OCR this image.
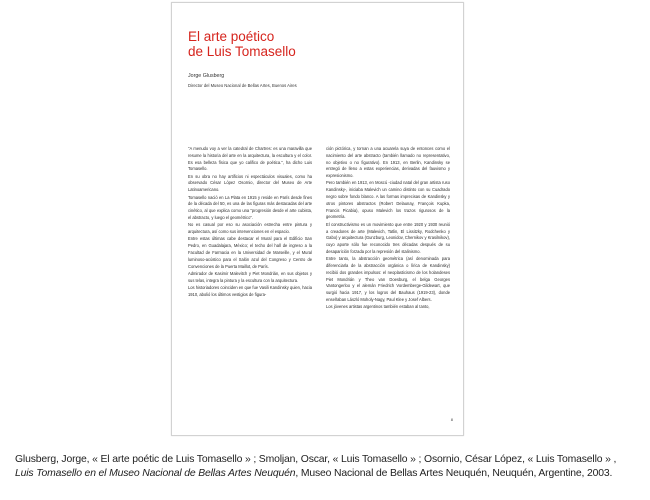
El arte poético
de Luis Tomasello
Jorge Glusberg
Director del Museo Nacional de Bellas Artes, Buenos Aires

"A menudo voy a ver la catedral de Chartres: es una maravilla que resume la historia del arte en la arquitectura, la escultura y el color. Es esa belleza física que yo califico de poética.", ha dicho Luis Tomasello.

En su obra no hay artificios ni espectáculos visuales, como ha observado César López Osornio, director del Museo de Arte Latinoamericano.

Tomasello nació en La Plata en 1915 y reside en París desde fines de la década del 50, es una de las figuras más destacadas del arte cinético, al que explica como una "progresión desde el arte cubista, el abstracto, y luego el geométrico".

No es casual por eso su asociación estrecha entre pintura y arquitectura, así como sus intervenciones en el espacio.

Entre estas últimas cabe destacar el Mural para el Edificio San Pedro, en Guadalajara, México; el techo del hall de ingreso a la Facultad de Farmacia en la Universidad de Marseille, y el Mural luminoso-acústico para el Salón azul del Congreso y Centro de Convenciones de la Puerta Maillot, de París.

Admirador de Kasimir Malevitch y Piet Mondrián, en sus objetos y sus telas, integra la pintura y la escultura con la arquitectura.

Los historiadores coinciden en que fue Vasili Kandinsky quien, hacia 1910, abolió los últimos vestigios de figura-

ción pictórica, y tornan a una acuarela suya de entonces como el nacimiento del arte abstracto (también llamado no representativo, no objetivo o no figurativo). En 1913, en Berlin, Kandinsky se entregó de lleno a estas experiencias, derivadas del fauvismo y expresionismo.

Pero también en 1913, en Moscú -ciudad natal del gran artista ruso Kandinsky-, iniciaba Malevich un camino distinto con su Cuadrado negro sobre fondo blanco. A las formas imprecisas de Kandinsky y otros pintores abstractos (Robert Delaunay, François Kupka, Francis Picabia), opuso Malevich los trazos rigurosos de la geometría.

El constructivismo es un movimiento que entre 1920 y 1930 reunió a creadores de arte (Malevich, Tatlin, El Lissitzky, Rodchenko y Gabo) y arquitectura (Gunzburg, Leonidov, Chernikov y Krasilnikov), cuyo aporte sólo fue reconocido tres décadas después de su desaparición forzada por la represión del stalinismo.

Entre tanto, la abstracción geométrica (así denominada para diferenciarla de la abstracción orgánica o lírica de Kandinsky) recibió dos grandes impulsos: el neoplasticismo de los holandeses Piet Mondrián y Theo van Doesburg, el belga Georges Vantongerloo y el alemán Friedrich Vordemberge-Gildewart, que surgió hacia 1917, y los logros del Bauhaus (1919-23), donde enseñaban László Moholy-Nagy, Paul Klee y Josef Albers.

Los jóvenes artistas argentinos también estaban al tanto,

8
Glusberg, Jorge, « El arte poétic de Luis Tomasello » ; Smoljan, Oscar, « Luis Tomasello » ; Osornio, César López, « Luis Tomasello » ,
Luis Tomasello en el Museo Nacional de Bellas Artes Neuquén, Museo Nacional de Bellas Artes Neuquén, Neuquén, Argentine, 2003.
